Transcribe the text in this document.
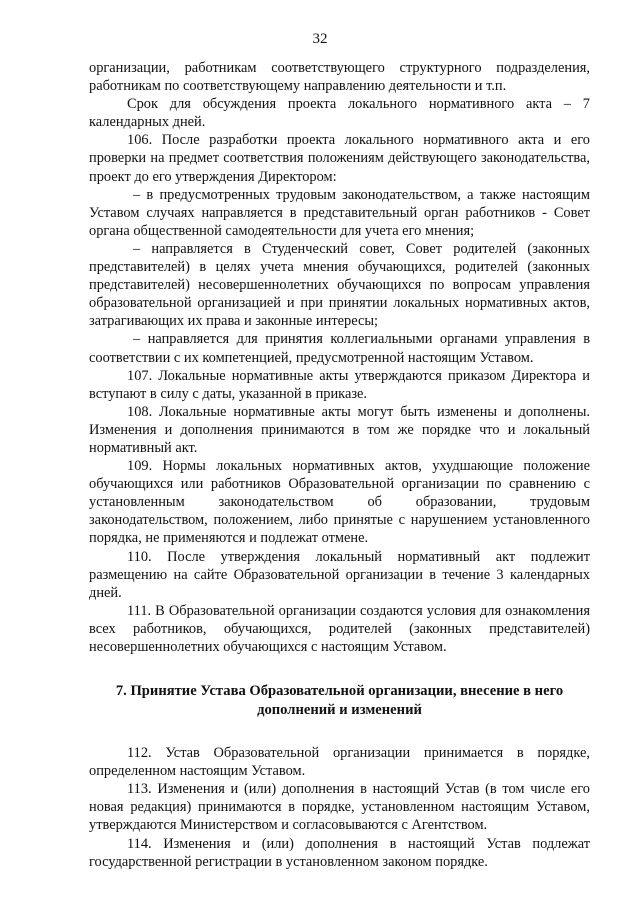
32

организации, работникам соответствующего структурного подразделения, работникам по соответствующему направлению деятельности и т.п.

Срок для обсуждения проекта локального нормативного акта – 7 календарных дней.

106. После разработки проекта локального нормативного акта и его проверки на предмет соответствия положениям действующего законодательства, проект до его утверждения Директором:

– в предусмотренных трудовым законодательством, а также настоящим Уставом случаях направляется в представительный орган работников - Совет органа общественной самодеятельности для учета его мнения;

– направляется в Студенческий совет, Совет родителей (законных представителей) в целях учета мнения обучающихся, родителей (законных представителей) несовершеннолетних обучающихся по вопросам управления образовательной организацией и при принятии локальных нормативных актов, затрагивающих их права и законные интересы;

– направляется для принятия коллегиальными органами управления в соответствии с их компетенцией, предусмотренной настоящим Уставом.

107. Локальные нормативные акты утверждаются приказом Директора и вступают в силу с даты, указанной в приказе.

108. Локальные нормативные акты могут быть изменены и дополнены. Изменения и дополнения принимаются в том же порядке что и локальный нормативный акт.

109. Нормы локальных нормативных актов, ухудшающие положение обучающихся или работников Образовательной организации по сравнению с установленным законодательством об образовании, трудовым законодательством, положением, либо принятые с нарушением установленного порядка, не применяются и подлежат отмене.

110. После утверждения локальный нормативный акт подлежит размещению на сайте Образовательной организации в течение 3 календарных дней.

111. В Образовательной организации создаются условия для ознакомления всех работников, обучающихся, родителей (законных представителей) несовершеннолетних обучающихся с настоящим Уставом.

7. Принятие Устава Образовательной организации, внесение в него дополнений и изменений

112. Устав Образовательной организации принимается в порядке, определенном настоящим Уставом.

113. Изменения и (или) дополнения в настоящий Устав (в том числе его новая редакция) принимаются в порядке, установленном настоящим Уставом, утверждаются Министерством и согласовываются с Агентством.

114. Изменения и (или) дополнения в настоящий Устав подлежат государственной регистрации в установленном законом порядке.
